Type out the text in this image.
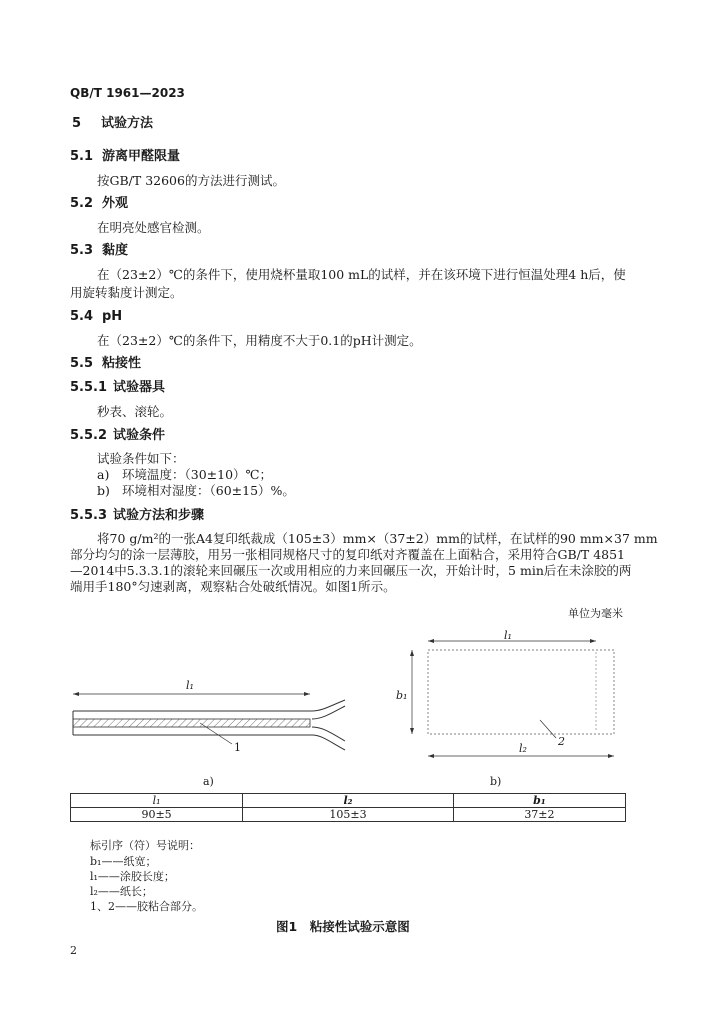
QB/T 1961—2023
5 试验方法
5.1 游离甲醛限量
按GB/T 32606的方法进行测试。
5.2 外观
在明亮处感官检测。
5.3 黏度
在（23±2）℃的条件下，使用烧杯量取100 mL的试样，并在该环境下进行恒温处理4 h后，使
用旋转黏度计测定。
5.4 pH
在（23±2）℃的条件下，用精度不大于0.1的pH计测定。
5.5 粘接性
5.5.1 试验器具
秒表、滚轮。
5.5.2 试验条件
试验条件如下：
a) 环境温度：（30±10）℃；
b) 环境相对湿度：（60±15）%。
5.5.3 试验方法和步骤
将70 g/m²的一张A4复印纸裁成（105±3）mm×（37±2）mm的试样，在试样的90 mm×37 mm
部分均匀的涂一层薄胶，用另一张相同规格尺寸的复印纸对齐覆盖在上面粘合，采用符合GB/T 4851
—2014中5.3.3.1的滚轮来回碾压一次或用相应的力来回碾压一次，开始计时，5 min后在未涂胶的两
端用手180°匀速剥离，观察粘合处破纸情况。如图1所示。
单位为毫米
l₁
1
a)
l₁
b₁
l₂
2
b)
l₁	l₂	b₁
90±5	105±3	37±2
标引序（符）号说明：
b₁——纸宽；
l₁——涂胶长度；
l₂——纸长；
1、2——胶粘合部分。
图1　粘接性试验示意图
2
